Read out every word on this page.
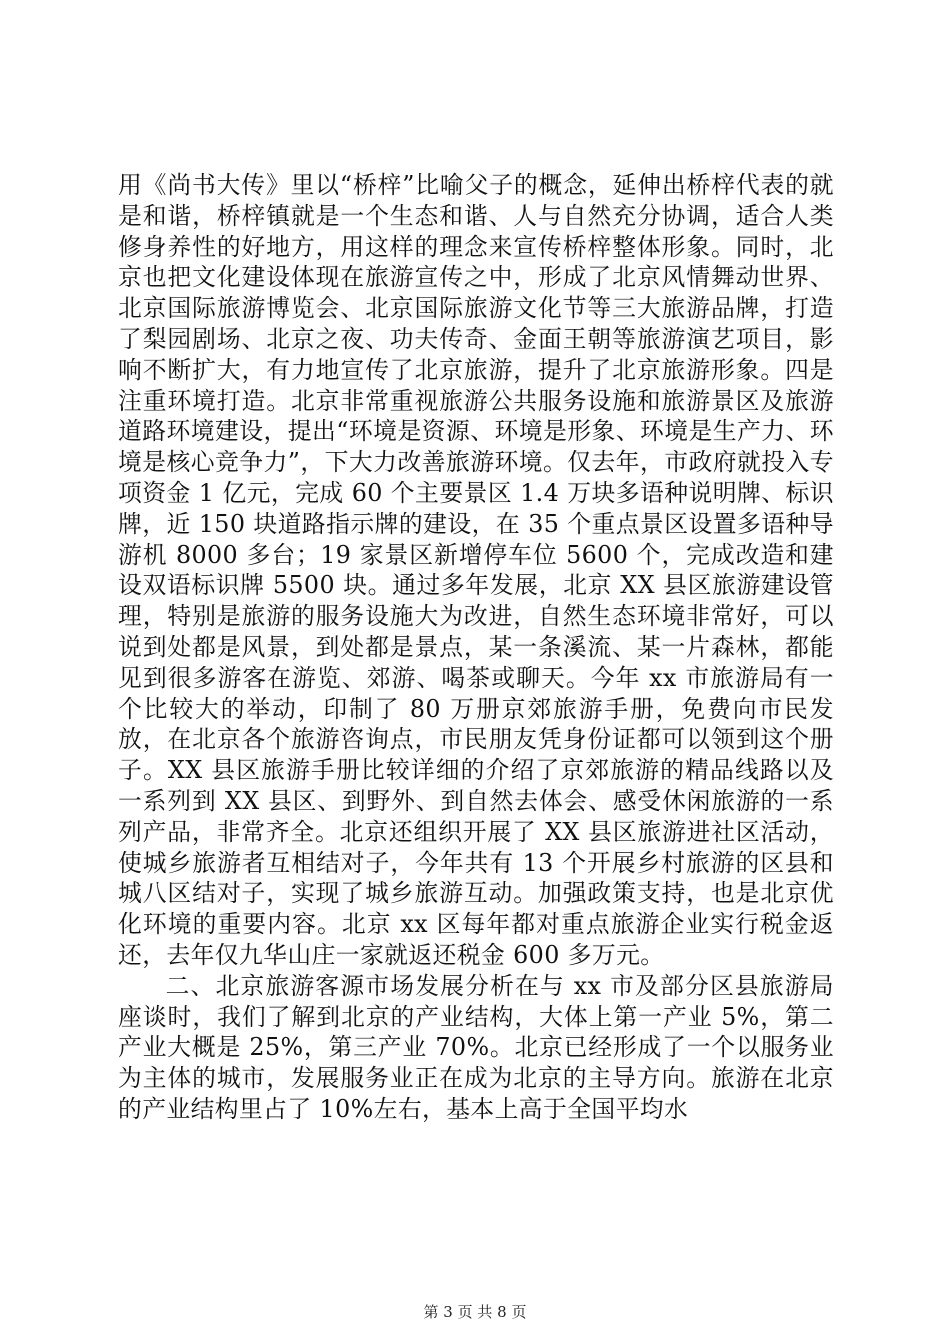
用《尚书大传》里以“桥梓”比喻父子的概念，延伸出桥梓代表的就是和谐，桥梓镇就是一个生态和谐、人与自然充分协调，适合人类修身养性的好地方，用这样的理念来宣传桥梓整体形象。同时，北京也把文化建设体现在旅游宣传之中，形成了北京风情舞动世界、北京国际旅游博览会、北京国际旅游文化节等三大旅游品牌，打造了梨园剧场、北京之夜、功夫传奇、金面王朝等旅游演艺项目，影响不断扩大，有力地宣传了北京旅游，提升了北京旅游形象。四是注重环境打造。北京非常重视旅游公共服务设施和旅游景区及旅游道路环境建设，提出“环境是资源、环境是形象、环境是生产力、环境是核心竞争力”，下大力改善旅游环境。仅去年，市政府就投入专项资金 1 亿元，完成 60 个主要景区 1.4 万块多语种说明牌、标识牌，近 150 块道路指示牌的建设，在 35 个重点景区设置多语种导游机 8000 多台；19 家景区新增停车位 5600 个，完成改造和建设双语标识牌 5500 块。通过多年发展，北京 XX 县区旅游建设管理，特别是旅游的服务设施大为改进，自然生态环境非常好，可以说到处都是风景，到处都是景点，某一条溪流、某一片森林，都能见到很多游客在游览、郊游、喝茶或聊天。今年 xx 市旅游局有一个比较大的举动，印制了 80 万册京郊旅游手册，免费向市民发放，在北京各个旅游咨询点，市民朋友凭身份证都可以领到这个册子。XX 县区旅游手册比较详细的介绍了京郊旅游的精品线路以及一系列到 XX 县区、到野外、到自然去体会、感受休闲旅游的一系列产品，非常齐全。北京还组织开展了 XX 县区旅游进社区活动，使城乡旅游者互相结对子，今年共有 13 个开展乡村旅游的区县和城八区结对子，实现了城乡旅游互动。加强政策支持，也是北京优化环境的重要内容。北京 xx 区每年都对重点旅游企业实行税金返还，去年仅九华山庄一家就返还税金 600 多万元。

二、北京旅游客源市场发展分析在与 xx 市及部分区县旅游局座谈时，我们了解到北京的产业结构，大体上第一产业 5%，第二产业大概是 25%，第三产业 70%。北京已经形成了一个以服务业为主体的城市，发展服务业正在成为北京的主导方向。旅游在北京的产业结构里占了 10%左右，基本上高于全国平均水

第 3 页 共 8 页
